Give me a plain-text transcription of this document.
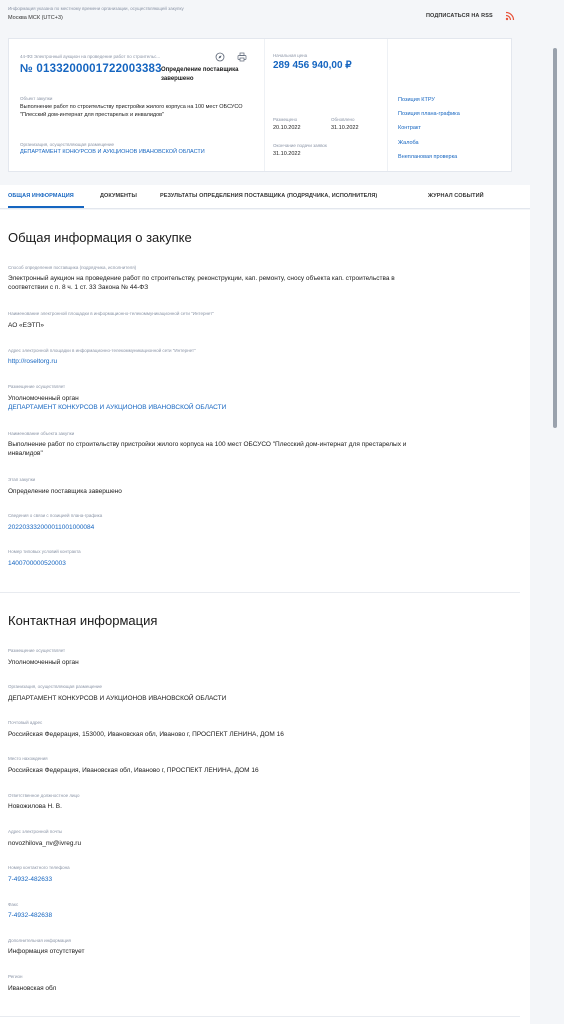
Информация указана по местному времени организации, осуществляющей закупку
Москва МСК (UTC+3)	ПОДПИСАТЬСЯ НА RSS
44-ФЗ Электронный аукцион на проведение работ по строительс...
№ 0133200001722003383 Определение поставщика завершено
Объект закупки
Выполнение работ по строительству пристройки жилого корпуса на 100 мест ОБСУСО "Плесский дом-интернат для престарелых и инвалидов"
Организация, осуществляющая размещение
ДЕПАРТАМЕНТ КОНКУРСОВ И АУКЦИОНОВ ИВАНОВСКОЙ ОБЛАСТИ
Начальная цена
289 456 940,00 ₽
Размещено
20.10.2022
Обновлено
31.10.2022
Окончание подачи заявок
31.10.2022
Позиция КТРУ
Позиция плана-графика
Контракт
Жалоба
Внеплановая проверка
ОБЩАЯ ИНФОРМАЦИЯ	ДОКУМЕНТЫ	РЕЗУЛЬТАТЫ ОПРЕДЕЛЕНИЯ ПОСТАВЩИКА (ПОДРЯДЧИКА, ИСПОЛНИТЕЛЯ)	ЖУРНАЛ СОБЫТИЙ
Общая информация о закупке
Способ определения поставщика (подрядчика, исполнителя)
Электронный аукцион на проведение работ по строительству, реконструкции, кап. ремонту, сносу объекта кап. строительства в соответствии с п. 8 ч. 1 ст. 33 Закона № 44-ФЗ
Наименование электронной площадки в информационно-телекоммуникационной сети "Интернет"
АО «ЕЭТП»
Адрес электронной площадки в информационно-телекоммуникационной сети "Интернет"
http://roseltorg.ru
Размещение осуществляет
Уполномоченный орган
ДЕПАРТАМЕНТ КОНКУРСОВ И АУКЦИОНОВ ИВАНОВСКОЙ ОБЛАСТИ
Наименование объекта закупки
Выполнение работ по строительству пристройки жилого корпуса на 100 мест ОБСУСО "Плесский дом-интернат для престарелых и инвалидов"
Этап закупки
Определение поставщика завершено
Сведения о связи с позицией плана-графика
202203332000011001000084
Номер типовых условий контракта
1400700000520003
Контактная информация
Размещение осуществляет
Уполномоченный орган
Организация, осуществляющая размещение
ДЕПАРТАМЕНТ КОНКУРСОВ И АУКЦИОНОВ ИВАНОВСКОЙ ОБЛАСТИ
Почтовый адрес
Российская Федерация, 153000, Ивановская обл, Иваново г, ПРОСПЕКТ ЛЕНИНА, ДОМ 16
Место нахождения
Российская Федерация, Ивановская обл, Иваново г, ПРОСПЕКТ ЛЕНИНА, ДОМ 16
Ответственное должностное лицо
Новожилова Н. В.
Адрес электронной почты
novozhilova_nv@ivreg.ru
Номер контактного телефона
7-4932-482633
Факс
7-4932-482638
Дополнительная информация
Информация отсутствует
Регион
Ивановская обл
